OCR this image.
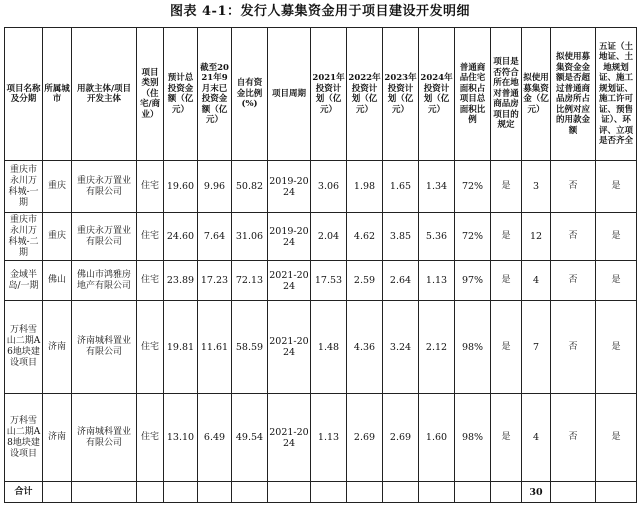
图表 4-1：发行人募集资金用于项目建设开发明细
项目名称及分期	所属城市	用款主体/项目开发主体	项目类别（住宅/商业）	预计总投资金额（亿元）	截至2021年9月末已投资金额（亿元）	自有资金比例(%)	项目周期	2021年投资计划（亿元）	2022年投资计划（亿元）	2023年投资计划（亿元）	2024年投资计划（亿元）	普通商品住宅面积占项目总面积比例	项目是否符合所在地对普通商品房项目的规定	拟使用募集资金（亿元）	拟使用募集资金金额是否超过普通商品房所占比例对应的用款金额	五证（土地证、土地规划证、施工规划证、施工许可证、预售证）、环评、立项是否齐全
重庆市永川万科城-一期	重庆	重庆永万置业有限公司	住宅	19.60	9.96	50.82	2019-2024	3.06	1.98	1.65	1.34	72%	是	3	否	是
重庆市永川万科城-二期	重庆	重庆永万置业有限公司	住宅	24.60	7.64	31.06	2019-2024	2.04	4.62	3.85	5.36	72%	是	12	否	是
金域半岛/一期	佛山	佛山市鸿雅房地产有限公司	住宅	23.89	17.23	72.13	2021-2024	17.53	2.59	2.64	1.13	97%	是	4	否	是
万科雪山二期A6地块建设项目	济南	济南城科置业有限公司	住宅	19.81	11.61	58.59	2021-2024	1.48	4.36	3.24	2.12	98%	是	7	否	是
万科雪山二期A8地块建设项目	济南	济南城科置业有限公司	住宅	13.10	6.49	49.54	2021-2024	1.13	2.69	2.69	1.60	98%	是	4	否	是
合计														30		
